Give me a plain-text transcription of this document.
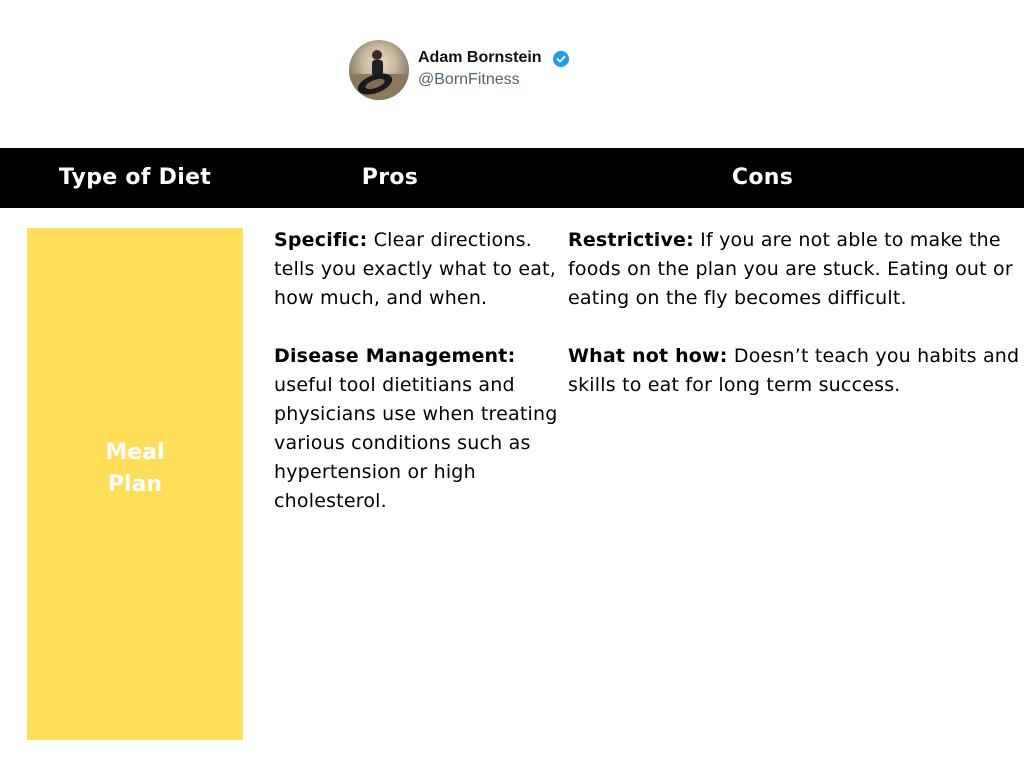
Adam Bornstein
@BornFitness
Type of Diet	Pros	Cons
Meal
Plan

Specific: Clear directions. tells you exactly what to eat, how much, and when.

Disease Management: useful tool dietitians and physicians use when treating various conditions such as hypertension or high cholesterol.

Restrictive: If you are not able to make the foods on the plan you are stuck. Eating out or eating on the fly becomes difficult.

What not how: Doesn’t teach you habits and skills to eat for long term success.
